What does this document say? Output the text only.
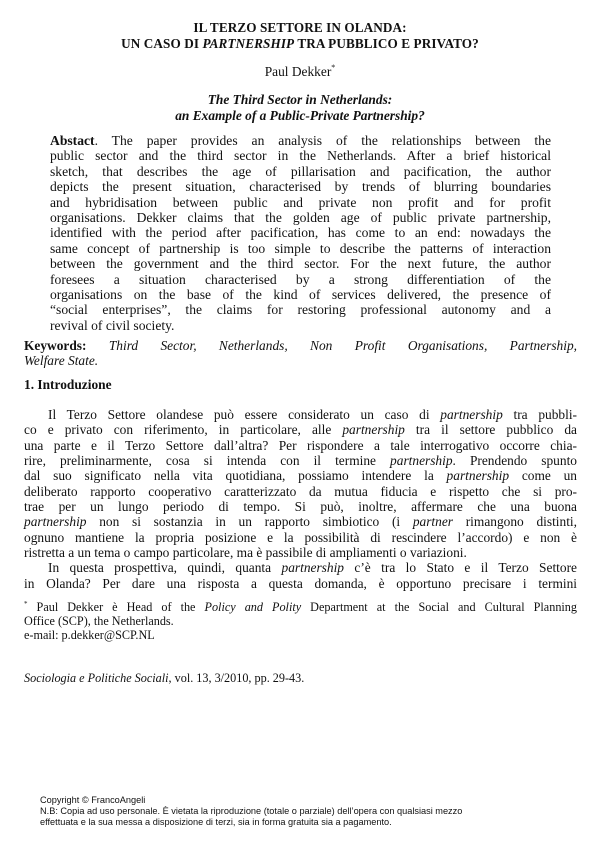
IL TERZO SETTORE IN OLANDA:
UN CASO DI PARTNERSHIP TRA PUBBLICO E PRIVATO?
Paul Dekker*
The Third Sector in Netherlands:
an Example of a Public-Private Partnership?
Abstact. The paper provides an analysis of the relationships between the
public sector and the third sector in the Netherlands. After a brief historical
sketch, that describes the age of pillarisation and pacification, the author
depicts the present situation, characterised by trends of blurring boundaries
and hybridisation between public and private non profit and for profit
organisations. Dekker claims that the golden age of public private partnership,
identified with the period after pacification, has come to an end: nowadays the
same concept of partnership is too simple to describe the patterns of interaction
between the government and the third sector. For the next future, the author
foresees a situation characterised by a strong differentiation of the
organisations on the base of the kind of services delivered, the presence of
“social enterprises”, the claims for restoring professional autonomy and a
revival of civil society.
Keywords: Third Sector, Netherlands, Non Profit Organisations, Partnership,
Welfare State.
1. Introduzione
Il Terzo Settore olandese può essere considerato un caso di partnership tra pubbli-
co e privato con riferimento, in particolare, alle partnership tra il settore pubblico da
una parte e il Terzo Settore dall’altra? Per rispondere a tale interrogativo occorre chia-
rire, preliminarmente, cosa si intenda con il termine partnership. Prendendo spunto
dal suo significato nella vita quotidiana, possiamo intendere la partnership come un
deliberato rapporto cooperativo caratterizzato da mutua fiducia e rispetto che si pro-
trae per un lungo periodo di tempo. Si può, inoltre, affermare che una buona
partnership non si sostanzia in un rapporto simbiotico (i partner rimangono distinti,
ognuno mantiene la propria posizione e la possibilità di rescindere l’accordo) e non è
ristretta a un tema o campo particolare, ma è passibile di ampliamenti o variazioni.
In questa prospettiva, quindi, quanta partnership c’è tra lo Stato e il Terzo Settore
in Olanda? Per dare una risposta a questa domanda, è opportuno precisare i termini
* Paul Dekker è Head of the Policy and Polity Department at the Social and Cultural Planning
Office (SCP), the Netherlands.
e-mail: p.dekker@SCP.NL
Sociologia e Politiche Sociali, vol. 13, 3/2010, pp. 29-43.
Copyright © FrancoAngeli
N.B: Copia ad uso personale. È vietata la riproduzione (totale o parziale) dell’opera con qualsiasi mezzo
effettuata e la sua messa a disposizione di terzi, sia in forma gratuita sia a pagamento.
